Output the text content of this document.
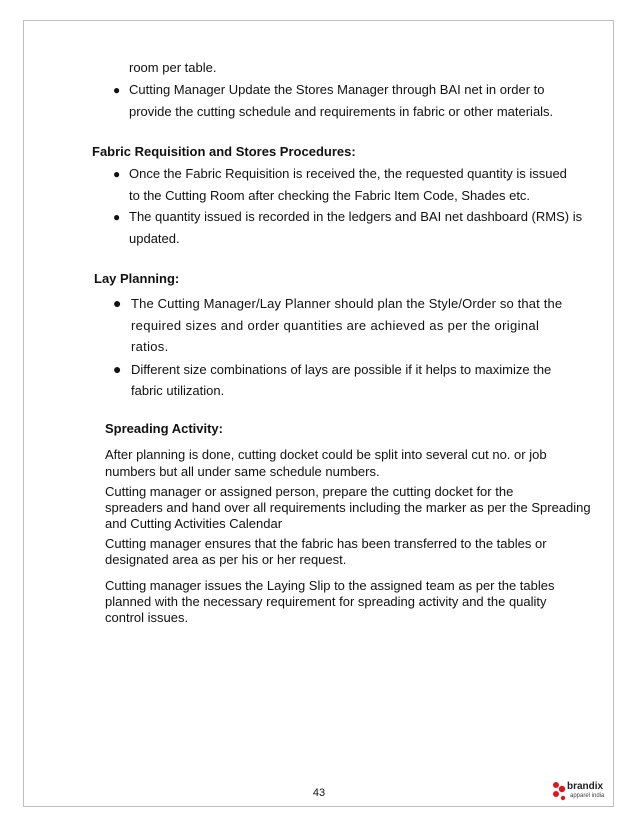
room per table.
● Cutting Manager Update the Stores Manager through BAI net in order to
provide the cutting schedule and requirements in fabric or other materials.
Fabric Requisition and Stores Procedures:
● Once the Fabric Requisition is received the, the requested quantity is issued
to the Cutting Room after checking the Fabric Item Code, Shades etc.
● The quantity issued is recorded in the ledgers and BAI net dashboard (RMS) is
updated.
Lay Planning:
● The Cutting Manager/Lay Planner should plan the Style/Order so that the
required sizes and order quantities are achieved as per the original
ratios.
● Different size combinations of lays are possible if it helps to maximize the
fabric utilization.
Spreading Activity:
After planning is done, cutting docket could be split into several cut no. or job
numbers but all under same schedule numbers.
Cutting manager or assigned person, prepare the cutting docket for the
spreaders and hand over all requirements including the marker as per the Spreading
and Cutting Activities Calendar
Cutting manager ensures that the fabric has been transferred to the tables or
designated area as per his or her request.
Cutting manager issues the Laying Slip to the assigned team as per the tables
planned with the necessary requirement for spreading activity and the quality
control issues.
43
brandix
apparel india
